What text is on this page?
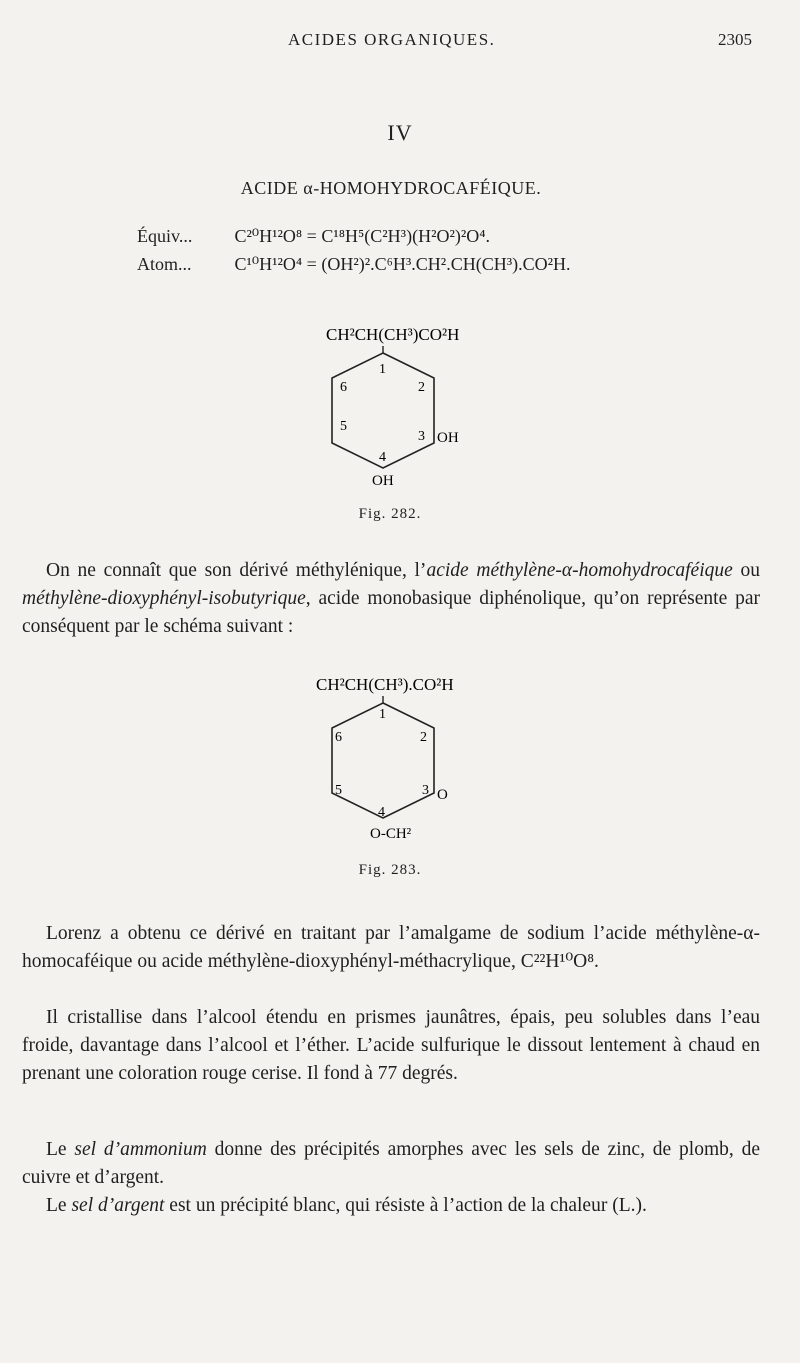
ACIDES ORGANIQUES.	2305
IV
ACIDE α-HOMOHYDROCAFÉIQUE.
Équiv... C²⁰H¹²O⁸ = C¹⁸H⁵(C²H³)(H²O²)²O⁴.
Atom... C¹⁰H¹²O⁴ = (OH²)².C⁶H³.CH².CH(CH³).CO²H.
CH²CH(CH³)CO²H
1
2
3
4
5
6
OH
OH
Fig. 282.

On ne connaît que son dérivé méthylénique, l’acide méthylène-α-homohydrocaféique ou méthylène-dioxyphényl-isobutyrique, acide monobasique diphénolique, qu’on représente par conséquent par le schéma suivant :

CH²CH(CH³).CO²H
1
2
3
4
5
6
O
O-CH²
Fig. 283.

Lorenz a obtenu ce dérivé en traitant par l’amalgame de sodium l’acide méthylène-α-homocaféique ou acide méthylène-dioxyphényl-méthacrylique, C²²H¹⁰O⁸.

Il cristallise dans l’alcool étendu en prismes jaunâtres, épais, peu solubles dans l’eau froide, davantage dans l’alcool et l’éther. L’acide sulfurique le dissout lentement à chaud en prenant une coloration rouge cerise. Il fond à 77 degrés.

Le sel d’ammonium donne des précipités amorphes avec les sels de zinc, de plomb, de cuivre et d’argent.

Le sel d’argent est un précipité blanc, qui résiste à l’action de la chaleur (L.).
